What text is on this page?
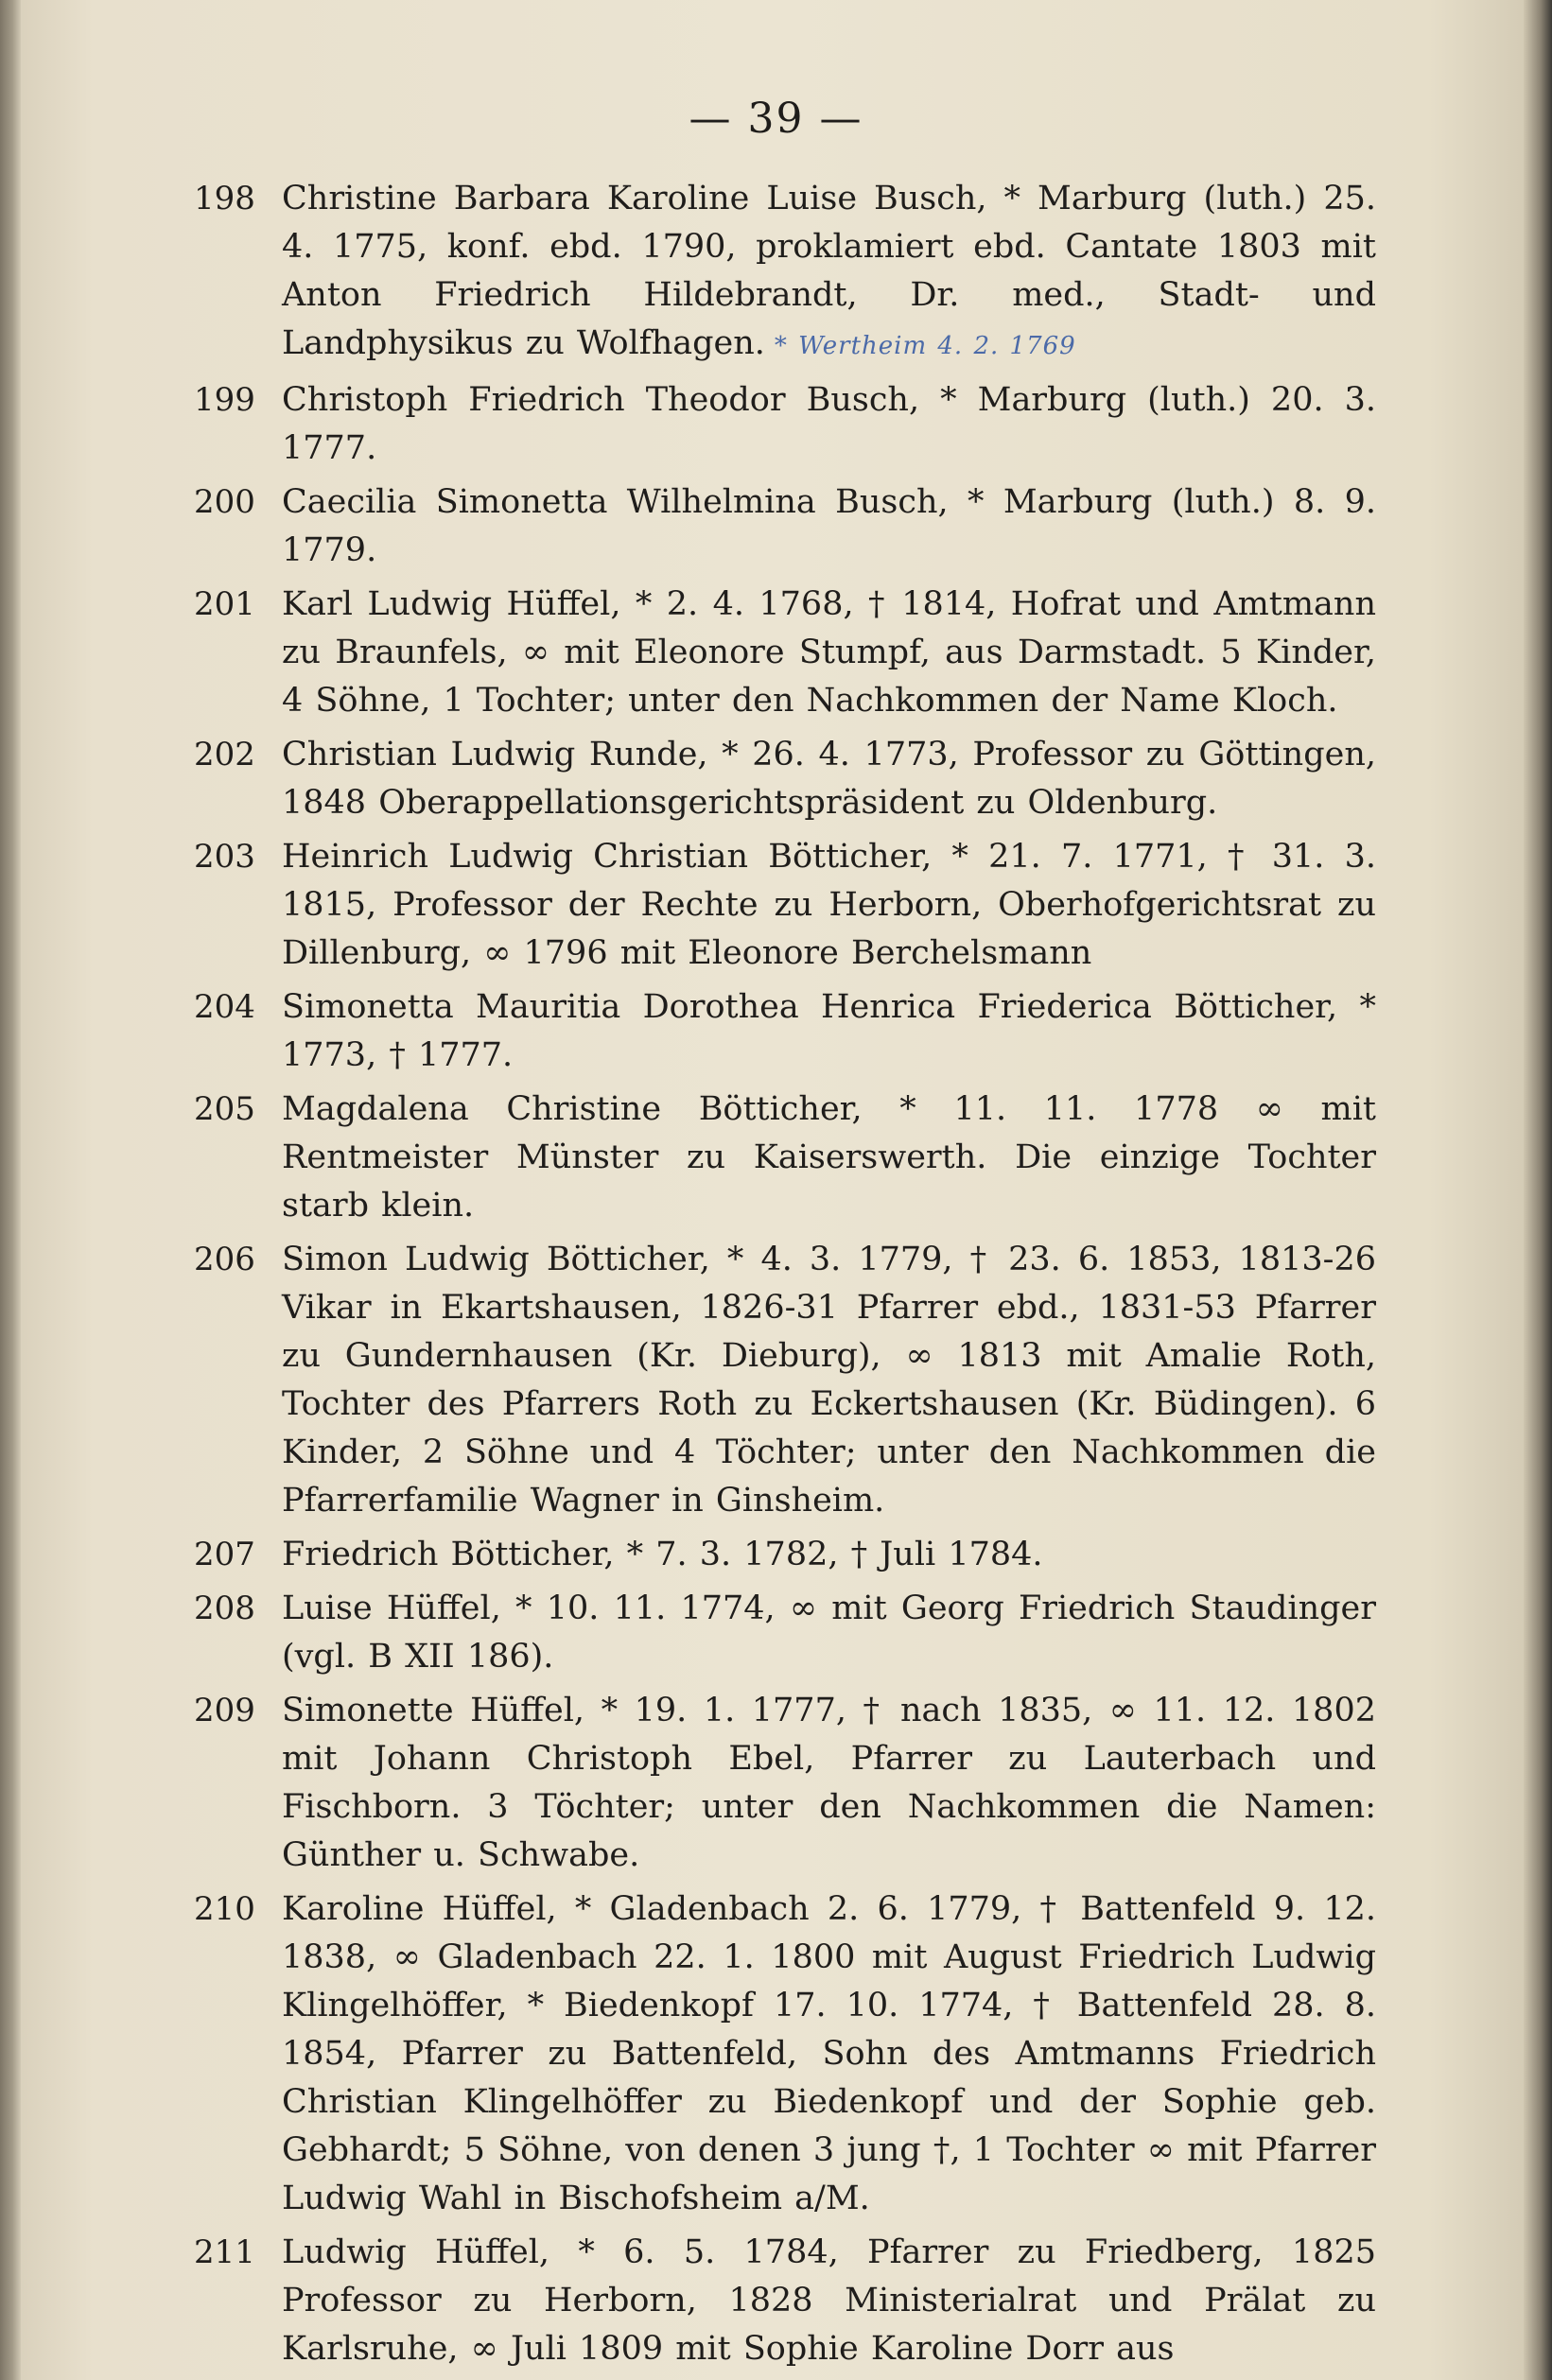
— 39 —
198 Christine Barbara Karoline Luise Busch, * Marburg (luth.) 25. 4. 1775, konf. ebd. 1790, proklamiert ebd. Cantate 1803 mit Anton Friedrich Hildebrandt, Dr. med., Stadt- und Landphysikus zu Wolfhagen. * Wertheim 4. 2. 1769
199 Christoph Friedrich Theodor Busch, * Marburg (luth.) 20. 3. 1777.
200 Caecilia Simonetta Wilhelmina Busch, * Marburg (luth.) 8. 9. 1779.
201 Karl Ludwig Hüffel, * 2. 4. 1768, † 1814, Hofrat und Amtmann zu Braunfels, ∞ mit Eleonore Stumpf, aus Darmstadt. 5 Kinder, 4 Söhne, 1 Tochter; unter den Nachkommen der Name Kloch.
202 Christian Ludwig Runde, * 26. 4. 1773, Professor zu Göttingen, 1848 Oberappellationsgerichtspräsident zu Oldenburg.
203 Heinrich Ludwig Christian Bötticher, * 21. 7. 1771, † 31. 3. 1815, Professor der Rechte zu Herborn, Oberhofgerichtsrat zu Dillenburg, ∞ 1796 mit Eleonore Berchelsmann
204 Simonetta Mauritia Dorothea Henrica Friederica Bötticher, * 1773, † 1777.
205 Magdalena Christine Bötticher, * 11. 11. 1778 ∞ mit Rentmeister Münster zu Kaiserswerth. Die einzige Tochter starb klein.
206 Simon Ludwig Bötticher, * 4. 3. 1779, † 23. 6. 1853, 1813-26 Vikar in Ekartshausen, 1826-31 Pfarrer ebd., 1831-53 Pfarrer zu Gundernhausen (Kr. Dieburg), ∞ 1813 mit Amalie Roth, Tochter des Pfarrers Roth zu Eckertshausen (Kr. Büdingen). 6 Kinder, 2 Söhne und 4 Töchter; unter den Nachkommen die Pfarrerfamilie Wagner in Ginsheim.
207 Friedrich Bötticher, * 7. 3. 1782, † Juli 1784.
208 Luise Hüffel, * 10. 11. 1774, ∞ mit Georg Friedrich Staudinger (vgl. B XII 186).
209 Simonette Hüffel, * 19. 1. 1777, † nach 1835, ∞ 11. 12. 1802 mit Johann Christoph Ebel, Pfarrer zu Lauterbach und Fischborn. 3 Töchter; unter den Nachkommen die Namen: Günther u. Schwabe.
210 Karoline Hüffel, * Gladenbach 2. 6. 1779, † Battenfeld 9. 12. 1838, ∞ Gladenbach 22. 1. 1800 mit August Friedrich Ludwig Klingelhöffer, * Biedenkopf 17. 10. 1774, † Battenfeld 28. 8. 1854, Pfarrer zu Battenfeld, Sohn des Amtmanns Friedrich Christian Klingelhöffer zu Biedenkopf und der Sophie geb. Gebhardt; 5 Söhne, von denen 3 jung †, 1 Tochter ∞ mit Pfarrer Ludwig Wahl in Bischofsheim a/M.
211 Ludwig Hüffel, * 6. 5. 1784, Pfarrer zu Friedberg, 1825 Professor zu Herborn, 1828 Ministerialrat und Prälat zu Karlsruhe, ∞ Juli 1809 mit Sophie Karoline Dorr aus
